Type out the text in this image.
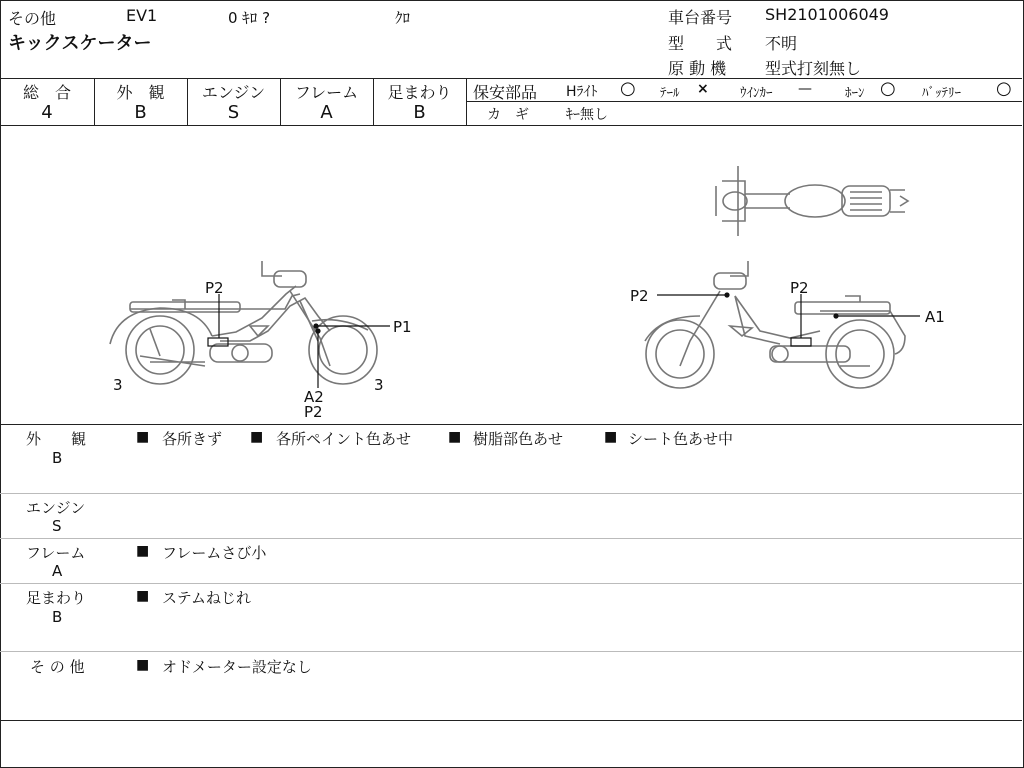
その他	EV1	0 ｷﾛ ?	ｸﾛ
キックスケーター
車台番号 SH2101006049
型　　式 不明
原 動 機 型式打刻無し
総　合
4
外　観
B
エンジン
S
フレーム
A
足まわり
B
保安部品 Hﾗｲﾄ ○ ﾃｰﾙ × ｳｲﾝｶｰ —	ﾎｰﾝ ○ ﾊﾞｯﾃﾘｰ ○
カ　ギ	ｷｰ無し
P2
P1
A2
P2
3	3
P2	P2
A1
外　　観
B
■ 各所きず ■ 各所ペイント色あせ	■ 樹脂部色あせ	■ シート色あせ中
エンジン
S
フレーム
A
■ フレームさび小
足まわり
B
■ ステムねじれ
そ の 他	■ オドメーター設定なし
